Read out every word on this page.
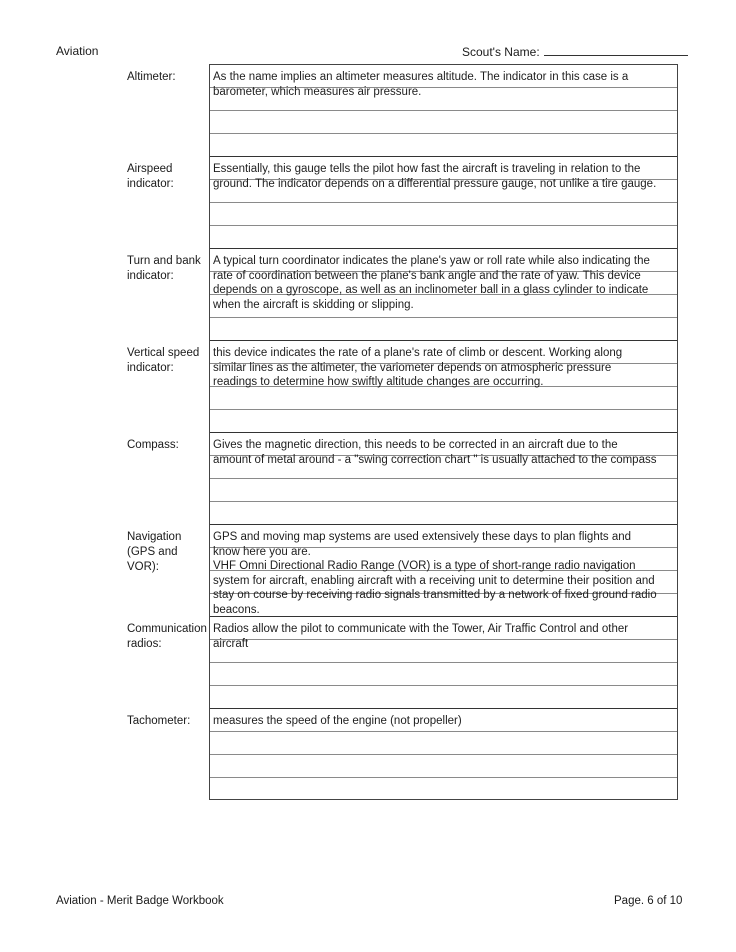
Aviation	Scout's Name:
Altimeter:
Airspeed
indicator:
Turn and bank
indicator:
Vertical speed
indicator:
Compass:
Navigation
(GPS and
VOR):
Communication
radios:
Tachometer:
As the name implies an altimeter measures altitude. The indicator in this case is a
barometer, which measures air pressure.
Essentially, this gauge tells the pilot how fast the aircraft is traveling in relation to the
ground. The indicator depends on a differential pressure gauge, not unlike a tire gauge.
A typical turn coordinator indicates the plane's yaw or roll rate while also indicating the
rate of coordination between the plane's bank angle and the rate of yaw. This device
depends on a gyroscope, as well as an inclinometer ball in a glass cylinder to indicate
when the aircraft is skidding or slipping.
this device indicates the rate of a plane's rate of climb or descent. Working along
similar lines as the altimeter, the variometer depends on atmospheric pressure
readings to determine how swiftly altitude changes are occurring.
Gives the magnetic direction, this needs to be corrected in an aircraft due to the
amount of metal around - a "swing correction chart " is usually attached to the compass
GPS and moving map systems are used extensively these days to plan flights and
know here you are.
VHF Omni Directional Radio Range (VOR) is a type of short-range radio navigation
system for aircraft, enabling aircraft with a receiving unit to determine their position and
stay on course by receiving radio signals transmitted by a network of fixed ground radio
beacons.
Radios allow the pilot to communicate with the Tower, Air Traffic Control and other
aircraft
measures the speed of the engine (not propeller)
Aviation - Merit Badge Workbook	Page. 6 of 10
